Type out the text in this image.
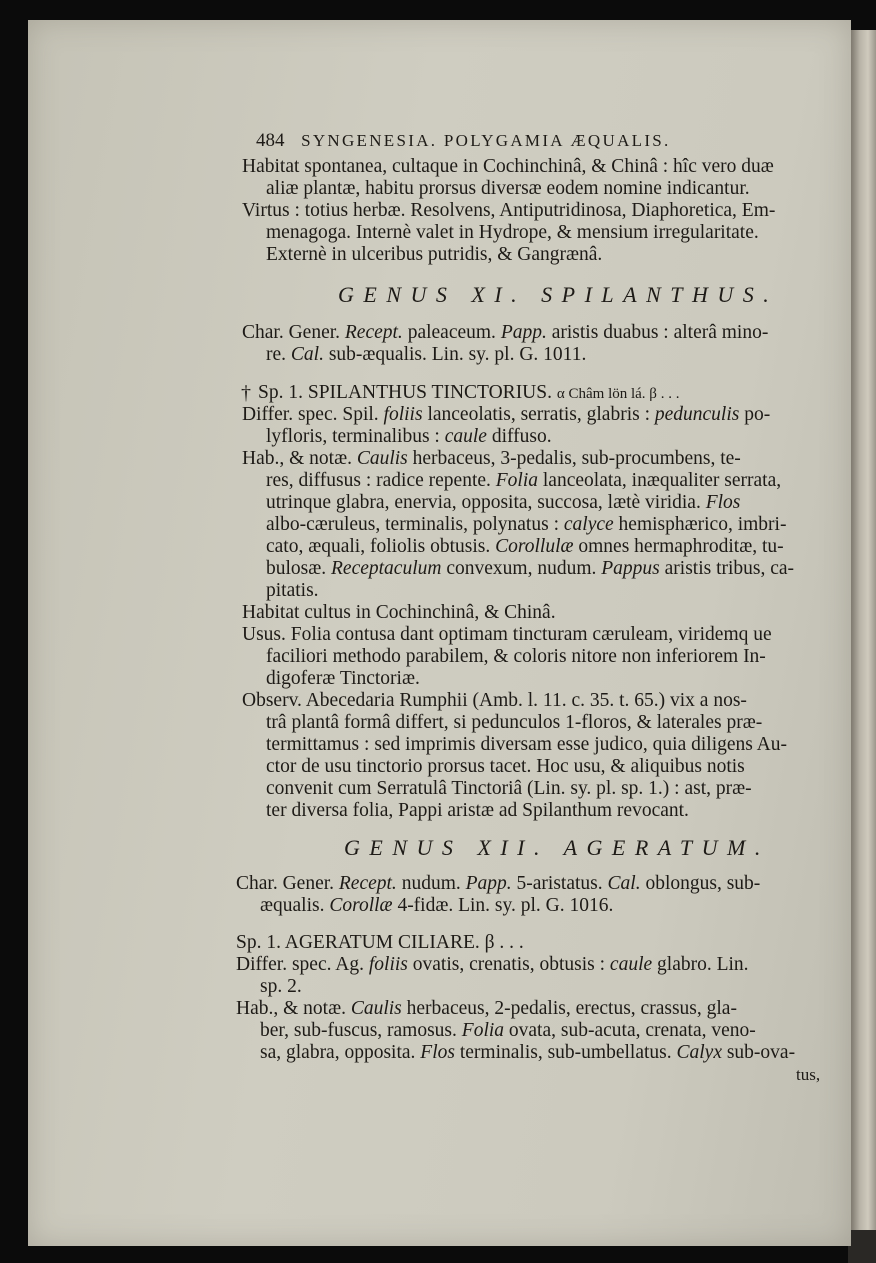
484 SYNGENESIA. POLYGAMIA ÆQUALIS.
Habitat spontanea, cultaque in Cochinchinâ, & Chinâ : hîc vero duæ
aliæ plantæ, habitu prorsus diversæ eodem nomine indicantur.
Virtus : totius herbæ. Resolvens, Antiputridinosa, Diaphoretica, Em-
menagoga. Internè valet in Hydrope, & mensium irregularitate.
Externè in ulceribus putridis, & Gangrænâ.
GENUS XI. SPILANTHUS.
Char. Gener. Recept. paleaceum. Papp. aristis duabus : alterâ mino-
re. Cal. sub-æqualis. Lin. sy. pl. G. 1011.
† Sp. 1. SPILANTHUS TINCTORIUS. α Châm lön lá. β . . .
Differ. spec. Spil. foliis lanceolatis, serratis, glabris : pedunculis po-
lyfloris, terminalibus : caule diffuso.
Hab., & notæ. Caulis herbaceus, 3-pedalis, sub-procumbens, te-
res, diffusus : radice repente. Folia lanceolata, inæqualiter serrata,
utrinque glabra, enervia, opposita, succosa, lætè viridia. Flos
albo-cæruleus, terminalis, polynatus : calyce hemisphærico, imbri-
cato, æquali, foliolis obtusis. Corollulæ omnes hermaphroditæ, tu-
bulosæ. Receptaculum convexum, nudum. Pappus aristis tribus, ca-
pitatis.
Habitat cultus in Cochinchinâ, & Chinâ.
Usus. Folia contusa dant optimam tincturam cæruleam, viridemq ue
faciliori methodo parabilem, & coloris nitore non inferiorem In-
digoferæ Tinctoriæ.
Observ. Abecedaria Rumphii (Amb. l. 11. c. 35. t. 65.) vix a nos-
trâ plantâ formâ differt, si pedunculos 1-floros, & laterales præ-
termittamus : sed imprimis diversam esse judico, quia diligens Au-
ctor de usu tinctorio prorsus tacet. Hoc usu, & aliquibus notis
convenit cum Serratulâ Tinctoriâ (Lin. sy. pl. sp. 1.) : ast, præ-
ter diversa folia, Pappi aristæ ad Spilanthum revocant.
GENUS XII. AGERATUM.
Char. Gener. Recept. nudum. Papp. 5-aristatus. Cal. oblongus, sub-
æqualis. Corollæ 4-fidæ. Lin. sy. pl. G. 1016.
Sp. 1. AGERATUM CILIARE. β . . .
Differ. spec. Ag. foliis ovatis, crenatis, obtusis : caule glabro. Lin.
sp. 2.
Hab., & notæ. Caulis herbaceus, 2-pedalis, erectus, crassus, gla-
ber, sub-fuscus, ramosus. Folia ovata, sub-acuta, crenata, veno-
sa, glabra, opposita. Flos terminalis, sub-umbellatus. Calyx sub-ova-
tus,
